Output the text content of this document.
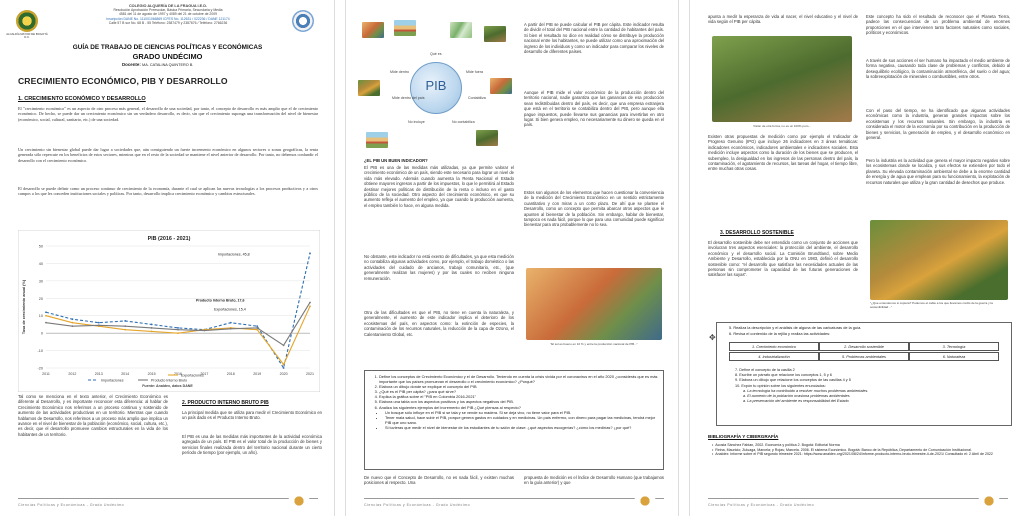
ALCALDÍA MAYOR DE BOGOTÁ D.C.
COLEGIO ALQUERÍA DE LA FRAGUA I.E.D.
Resolución Aprobación Preescolar, Básica Primaria, Secundaria y Media
4581 del 11 de agosto de 1997 y 4089 del 21 de octubre de 2009
Inscripción DANE No. 111001066869 ICFES No. 112631 / 022236 / DANE 121174
Calle 57 B sur No. 68 B - 55 Teléfono: 2387479 y 2387676 / Teléfono: 2766236
GUÍA DE TRABAJO DE CIENCIAS POLÍTICAS Y ECONÓMICAS
GRADO UNDÉCIMO
Docente: MA. CATALINA QUINTERO B.
CRECIMIENTO ECONÓMICO, PIB Y DESARROLLO
1. CRECIMIENTO ECONÓMICO Y DESARROLLO
El "crecimiento económico" es un aspecto de otro proceso más general, el desarrollo de una sociedad, por tanto, el concepto de desarrollo es más amplio que el de crecimiento económico. De hecho, se puede dar un crecimiento económico sin un verdadero desarrollo, es decir, sin que el crecimiento suponga una transformación del nivel de bienestar (económico, social, cultural, sanitario, etc.) de una sociedad.
Un crecimiento sin bienestar global puede dar lugar a sociedades que, aún consiguiendo un fuerte incremento económico en algunos sectores o zonas geográficas, la renta generada sólo repercute en los beneficios de estos sectores, mientras que en el resto de la sociedad se mantiene el nivel anterior de desarrollo. Por tanto, no debemos confundir el desarrollo con el crecimiento económico.
El desarrollo se puede definir como un proceso continuo de crecimiento de la economía, durante el cual se aplican las nuevas tecnologías a los procesos productivos y a otros campos a los que les conceden instituciones sociales y políticas. Por tanto, desarrollo implica crecimiento económico y cambios estructurales.
PIB (2016 - 2021)
-20
-10
0
10
20
30
40
50
2011	2012	2013	2014	2015	2016	2017	2018	2019	2020	2021
Tasa de crecimiento anual (%)
Importaciones, 45,8
Producto Interno Bruto, 17,6
Exportaciones, 15,4
Importaciones
Exportaciones
Producto Interno Bruto
Fuente: Analdex, datos DANE
Tal como se menciona en el texto anterior, el Crecimiento Económico es diferente al Desarrollo, y es importante reconocer esta diferencia: al hablar de Crecimiento Económico nos referimos a un proceso continuo y sostenido de aumento de las actividades productivas en un territorio. Mientras que cuando hablamos de Desarrollo, nos referimos a un proceso más amplio que implica un avance en el nivel de bienestar de la población (económico, social, cultura, etc.), es decir, que el desarrollo promueve cambios estructurales en la vida de los habitantes de un territorio.
2. PRODUCTO INTERNO BRUTO PIB
La principal medida que se utiliza para medir el Crecimiento Económico en un país dado es el Producto Interno Bruto.
El PIB es una de las medidas más importantes de la actividad económica agregada de un país. El PIB es el valor total de la producción de bienes y servicios finales realizada dentro del territorio nacional durante un cierto período de tiempo (por ejemplo, un año).
Ciencias Políticas y Económicas - Grado Undécimo
PIB
Qué es
Mide dentro	Mide fuera
Mide dentro del país	Contabiliza
No incluye	No contabiliza
¿EL PIB UN BUEN INDICADOR?
El PIB es una de las medidas más utilizadas, ya que permite valorar el crecimiento económico de un país, siendo este necesario para lograr un nivel de vida más elevado. Además cuando aumenta la Renta Nacional el Estado obtiene mayores ingresos a partir de los impuestos, lo que le permitirá al Estado destinar mejores políticas de distribución de la renta o incluso en el gasto público de la sociedad. Otro aspecto del crecimiento económico, es que su aumento refleja el aumento del empleo, ya que cuando la producción aumenta, el empleo también lo hace, en alguna medida.
No obstante, este indicador no está exento de dificultades, ya que esta medición no contabiliza algunas actividades como, por ejemplo, el trabajo doméstico o las actividades del cuidado de ancianos, trabajo comunitario, etc., (que generalmente realizan las mujeres) y por las cuales no reciben ninguna remuneración.
Otra de las dificultades es que el PIB, no tiene en cuenta la naturaleza, y generalmente, el aumento de este indicador implica el deterioro de los ecosistemas del país, en aspectos como: la extinción de especies, la contaminación de los recursos naturales, la reducción de la capa de Ozono, el Calentamiento Global, etc.
A partir del PIB se puede calcular el PIB per cápita. Este indicador resulta de dividir el total del PIB nacional entre la cantidad de habitantes del país. Si bien el resultado no dice en realidad cómo se distribuye la producción nacional entre los habitantes, se puede utilizar como una aproximación del ingreso de los individuos y como un indicador para comparar los niveles de desarrollo de diferentes países.
Aunque el PIB mide el valor económico de la producción dentro del territorio nacional, nadie garantiza que las ganancias de esa producción sean redistribuidas dentro del país, es decir, que una empresa extranjera que está en el territorio se contabiliza dentro del PIB, pero aunque ella pague impuestos, puede llevarse sus ganancias para invertirlas en otro lugar. Si bien genera empleo, no necesariamente su dinero se queda en el país.
Estos son algunos de los elementos que hacen cuestionar la conveniencia de la medición del Crecimiento Económico en un sentido estrictamente cuantitativo y con miras a un corto plazo. De ahí que se plantee el Desarrollo, como un concepto que permita abarcar otros aspectos que le apunten al bienestar de la población. Sin embargo, hablar de bienestar, tampoco es nada fácil, porque lo que para una comunidad puede significar bienestar para otra probablemente no lo sea.
"El sol es bueno en 10 % y entre la producción nacional de PIB..."
1. Define los conceptos de Crecimiento Económico y el de Desarrollo. Teniendo en cuenta la crisis vivida por el coronavirus en el año 2020 ¿considerás que es más importante que los países promuevan el desarrollo o el crecimiento económico? ¿Porqué?
2. Elabora un dibujo donde se explique el concepto del PIB
3. ¿Qué es el PIB per cápita? ¿para qué sirve?
4. Explica la gráfica sobre el "PIB en Colombia 2016-2021"
5. Elabora una tabla con los aspectos positivos y los aspectos negativos del PIB.
6. Analiza los siguientes ejemplos del incremento del PIB ¿Qué piensas al respecto?
• Un bosque sólo influye en el PIB si se tala y se vende su madera. Si se deja vivo, no tiene valor para el PIB.
• Tener mala salud, hace subir el PIB, porque genera gastos en cuidados y en medicinas. Un país enfermo, con dinero para pagar las medicinas, tendrá mejor PIB que uno sano.
• Si tuvieras que medir el nivel de bienestar de los estudiantes de tu salón de clase: ¿qué aspectos escogerías? ¿cómo los medirías? ¿por qué?
De nuevo que el Concepto de Desarrollo, no es nada fácil, y existen muchas posiciones al respecto. Una
propuesta de medición es el Índice de Desarrollo Humano (que trabajamos en la guía anterior) y que
Ciencias Políticas y Económicas - Grado Undécimo
apunta a medir la esperanza de vida al nacer, el nivel educativo y el nivel de vida según el PIB per cápita.
Visión de otra forma, no es un 100% puro...
Existen otras propuestas de medición como por ejemplo el Indicador de Progreso Genuino (IPG) que incluye 26 indicadores en 3 áreas temáticas: indicadores económicos, indicadores ambientales e indicadores sociales. Esta medición incluye aspectos como la duración de los bienes que se producen, el subempleo, la desigualdad en los ingresos de las personas dentro del país, la contaminación, el agotamiento de recursos, las tareas del hogar, el tiempo libre, entre muchas otras cosas.
3. DESARROLLO SOSTENIBLE
El desarrollo sostenible debe ser entendido como un conjunto de acciones que involucran tres aspectos esenciales: la protección del ambiente, el desarrollo económico y el desarrollo social. La Comisión Brundtland, sobre Medio Ambiente y Desarrollo, establecida por la ONU en 1983, definió el desarrollo sostenible como: "el desarrollo que satisface las necesidades actuales de las personas sin comprometer la capacidad de las futuras generaciones de satisfacer las suyas".
Este concepto ha sido el resultado de reconocer que el Planeta Tierra, padece las consecuencias de un problema ambiental de enormes proporciones en el que intervienen tanto factores naturales como sociales, políticos y económicos.
A través de sus acciones el ser humano ha impactado el medio ambiente de forma negativa, causando toda clase de problemas y conflictos, debido al desequilibrio ecológico, la contaminación atmosférica, del suelo o del agua; la sobreexplotación de minerales o combustibles, entre otros.
Con el paso del tiempo, se ha identificado que algunas actividades económicas como la industria, generan grandes impactos sobre los ecosistemas y los recursos naturales. Sin embargo, la industria es considerada el motor de la economía por su contribución en la producción de bienes y servicios, la generación de empleo, y el desarrollo económico en general.
Pero la industria es la actividad que genera el mayor impacto negativo sobre los ecosistemas donde se localiza, y sus efectos se extienden por todo el planeta. Su elevada contaminación ambiental se debe a la enorme cantidad de energía y de agua que emplean para su funcionamiento, la explotación de recursos naturales que utiliza y la gran cantidad de desechos que produce.
"¿Que entendemos si cupiera? Podemos el cable a los que llevamos cordis de la guerra y la sostenibilidad…"
✥
5. Realiza la descripción y el análisis de alguna de las caricaturas de la guía.
6. Revisa el contenido de la rejilla y realiza las actividades:
1. Crecimiento económico	2. Desarrollo sostenible	3. Tecnología
4. Industrialización	5. Problemas ambientales	6. Naturaleza
7. Define el concepto de la casilla 2
8. Escribe un párrafo que relacione los conceptos 1, 5 y 6
9. Elabora un dibujo que relacione los conceptos de las casillas 4 y 5
10. Expón tu opinión sobre los siguientes enunciados:
a. La tecnología ha contribuido a resolver muchos problemas ambientales.
a. El aumento de la población ocasiona problemas ambientales
a. La preservación del ambiente es responsabilidad del Estado
BIBLIOGRAFÍA Y CIBERGRAFÍA
• Acosta Sánchez Fabian, 2002. Economía y política 2. Bogotá: Editorial Norma
• Reina, Mauricio; Zuluaga, Marcela; y Rojas; Marcela. 2006. El sistema Económico. Bogotá: Banco de la República, Departamento de Comunicación Institucional.
• Analdex: Informe sobre el PIB segundo trimestre 2021: https://www.analdex.org/2021/08/24/informe-producto-interno-bruto-trimestre-ii-de-2021/ Consultado el: 2 Abril de 2022
Ciencias Políticas y Económicas - Grado Undécimo
